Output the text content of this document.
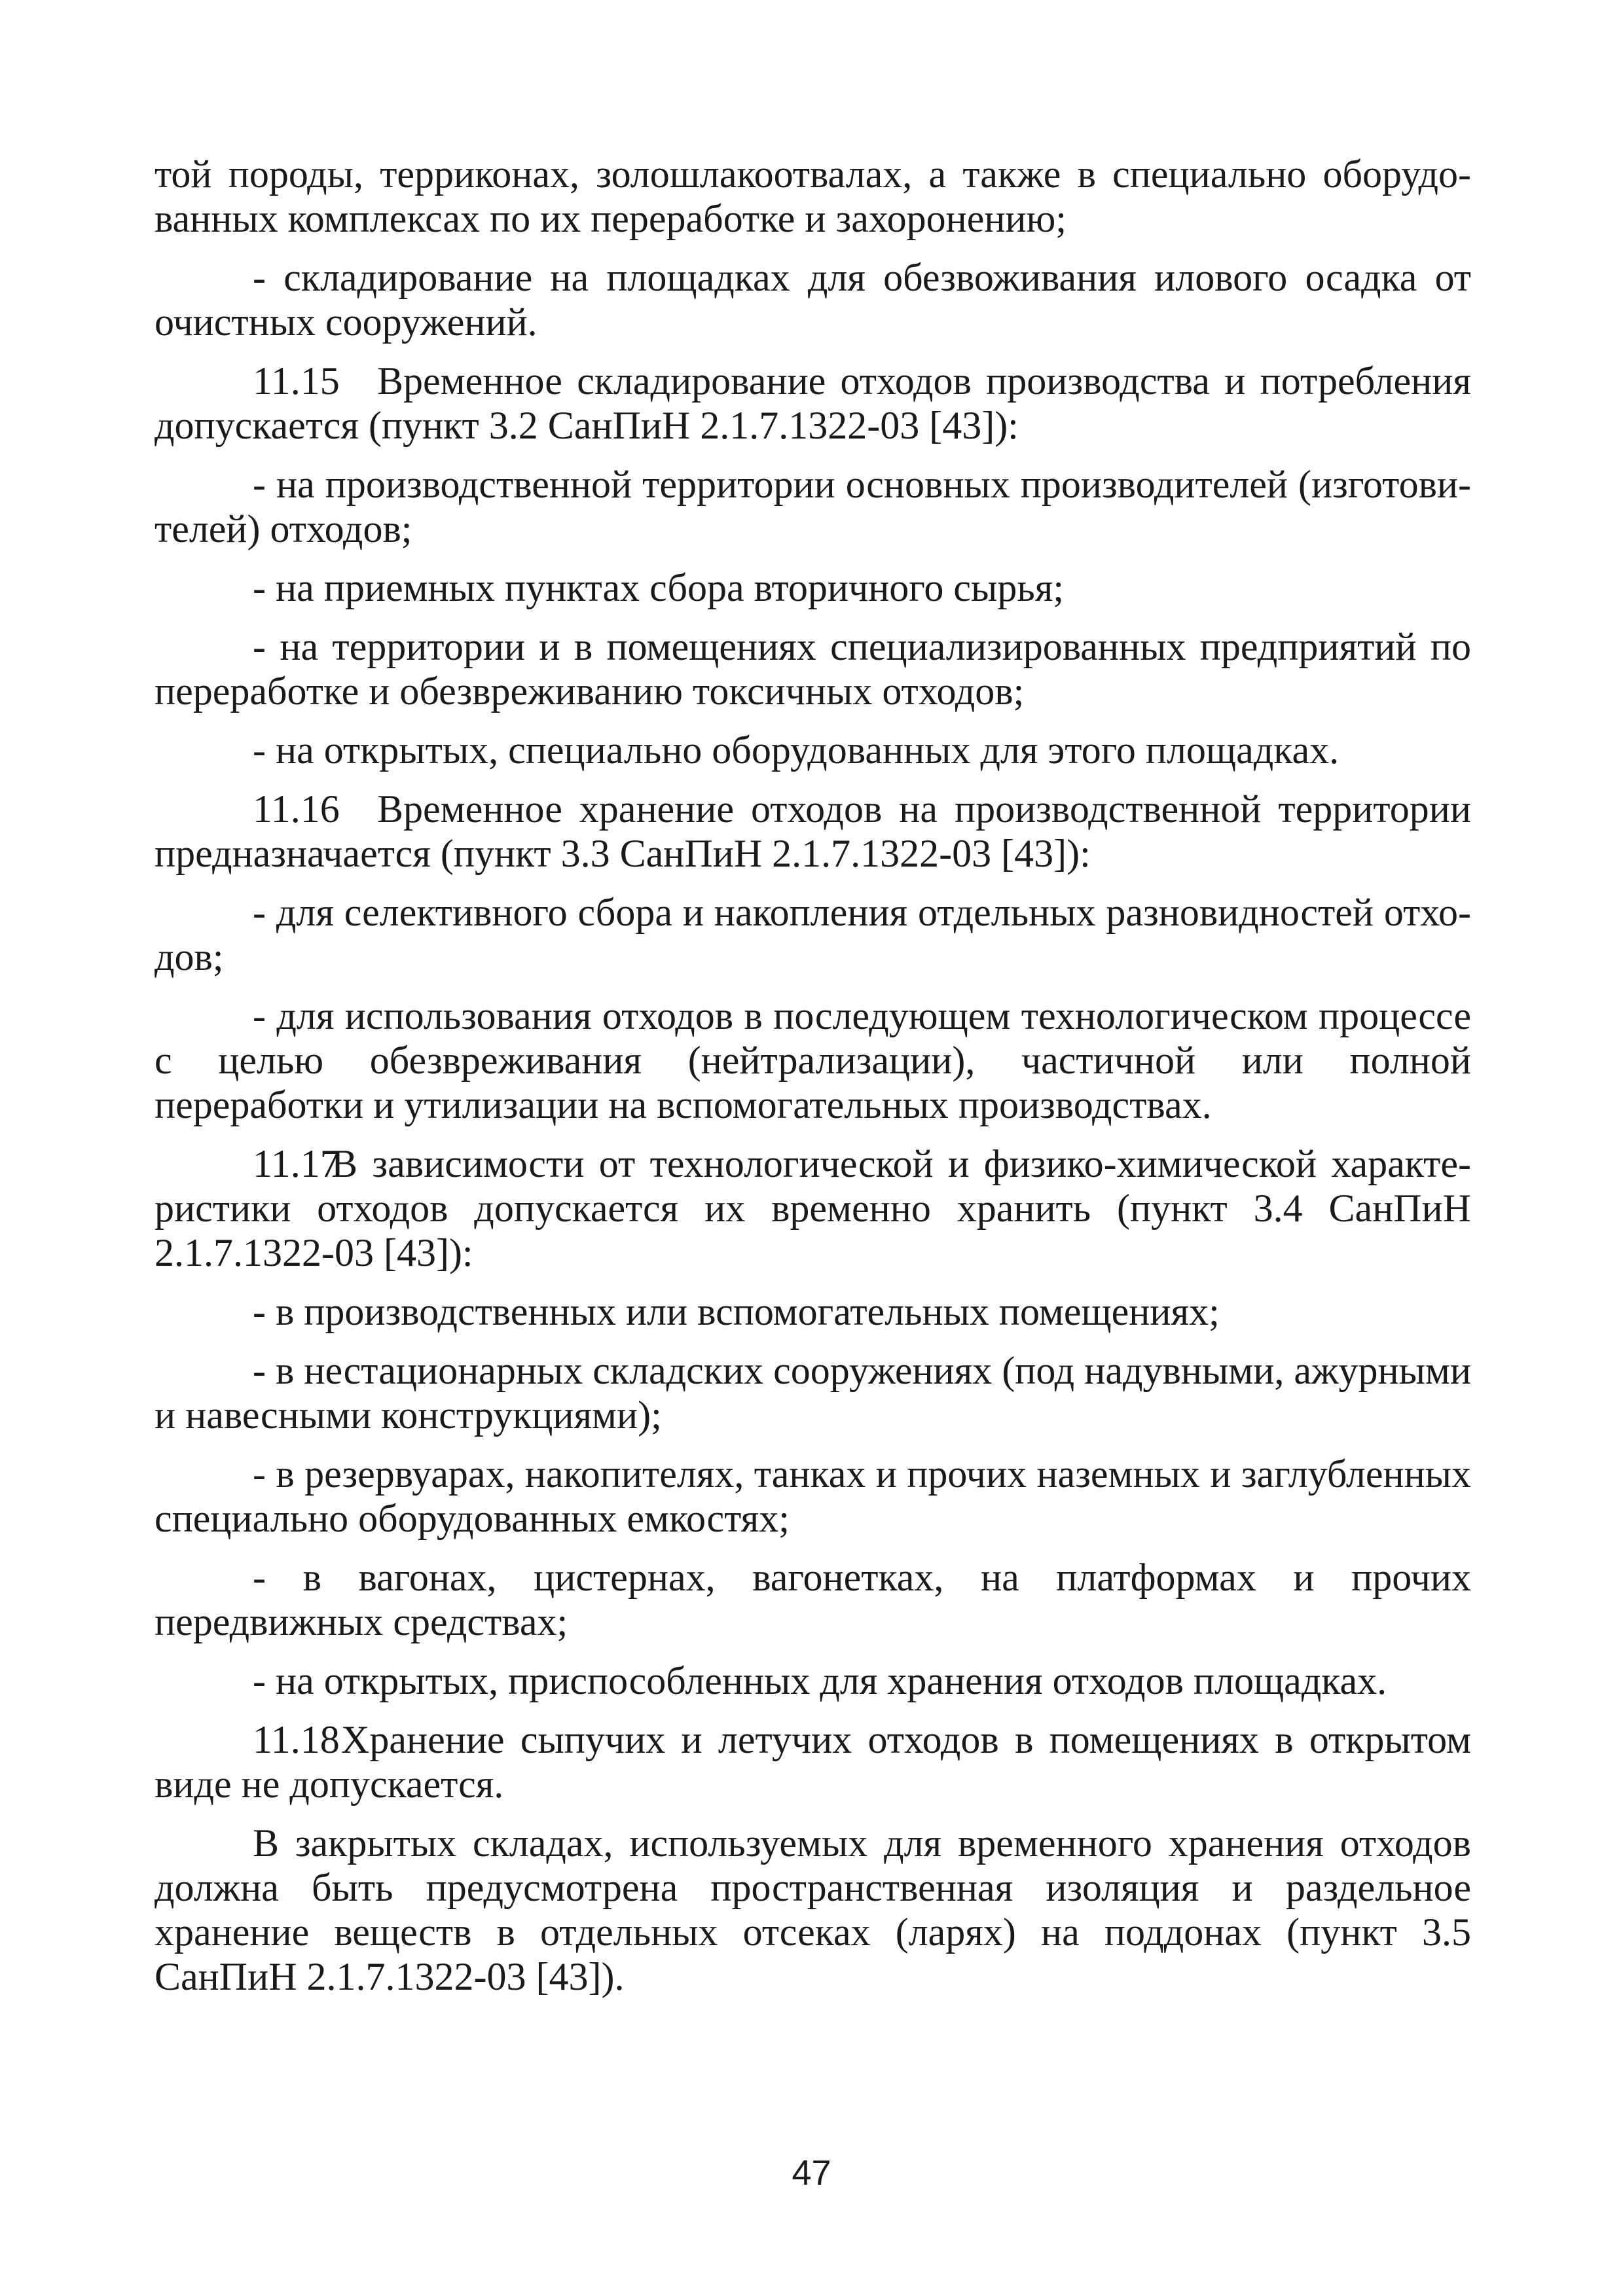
той породы, терриконах, золошлакоотвалах, а также в специально оборудованных комплексах по их переработке и захоронению;

- складирование на площадках для обезвоживания илового осадка от очистных сооружений.

11.15 Временное складирование отходов производства и потребления допускается (пункт 3.2 СанПиН 2.1.7.1322-03 [43]):

- на производственной территории основных производителей (изготовителей) отходов;

- на приемных пунктах сбора вторичного сырья;

- на территории и в помещениях специализированных предприятий по переработке и обезвреживанию токсичных отходов;

- на открытых, специально оборудованных для этого площадках.

11.16 Временное хранение отходов на производственной территории предназначается (пункт 3.3 СанПиН 2.1.7.1322-03 [43]):

- для селективного сбора и накопления отдельных разновидностей отходов;

- для использования отходов в последующем технологическом процессе с целью обезвреживания (нейтрализации), частичной или полной переработки и утилизации на вспомогательных производствах.

11.17В зависимости от технологической и физико-химической характеристики отходов допускается их временно хранить (пункт 3.4 СанПиН 2.1.7.1322-03 [43]):

- в производственных или вспомогательных помещениях;

- в нестационарных складских сооружениях (под надувными, ажурными и навесными конструкциями);

- в резервуарах, накопителях, танках и прочих наземных и заглубленных специально оборудованных емкостях;

- в вагонах, цистернах, вагонетках, на платформах и прочих передвижных средствах;

- на открытых, приспособленных для хранения отходов площадках.

11.18Хранение сыпучих и летучих отходов в помещениях в открытом виде не допускается.

В закрытых складах, используемых для временного хранения отходов должна быть предусмотрена пространственная изоляция и раздельное хранение веществ в отдельных отсеках (ларях) на поддонах (пункт 3.5 СанПиН 2.1.7.1322-03 [43]).

47
